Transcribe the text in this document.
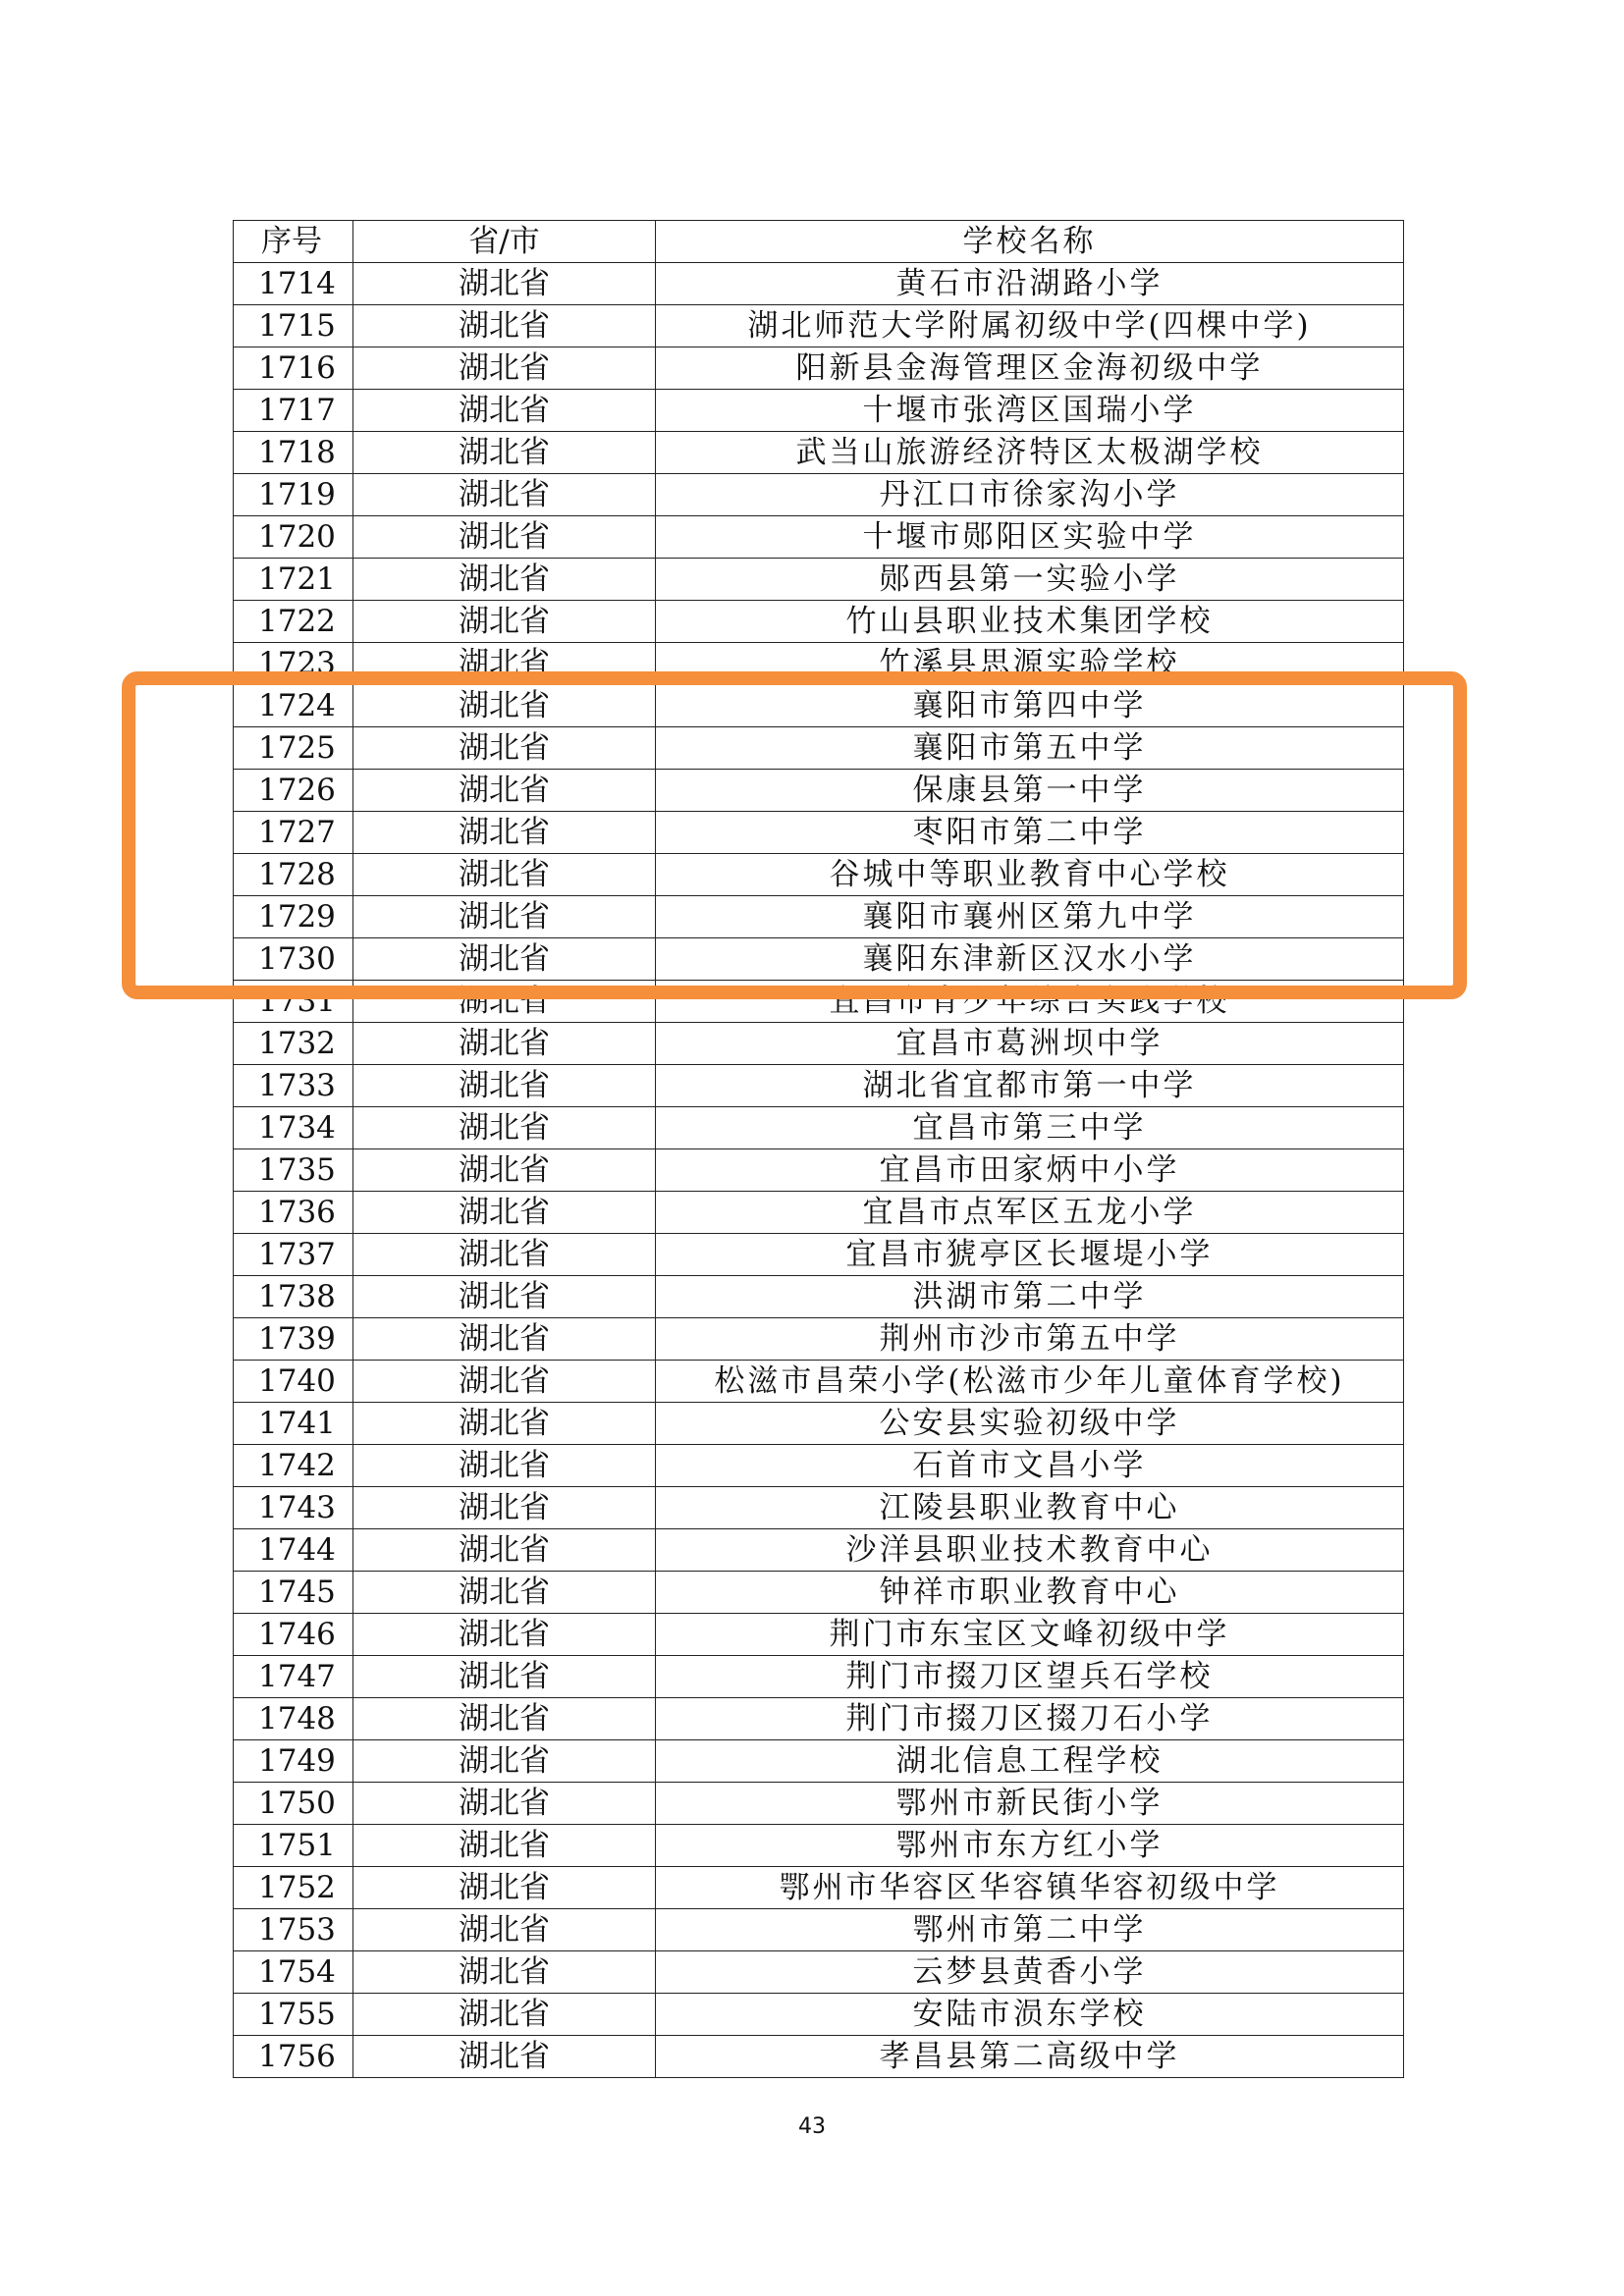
序号	省/市	学校名称
1714	湖北省	黄石市沿湖路小学
1715	湖北省	湖北师范大学附属初级中学(四棵中学)
1716	湖北省	阳新县金海管理区金海初级中学
1717	湖北省	十堰市张湾区国瑞小学
1718	湖北省	武当山旅游经济特区太极湖学校
1719	湖北省	丹江口市徐家沟小学
1720	湖北省	十堰市郧阳区实验中学
1721	湖北省	郧西县第一实验小学
1722	湖北省	竹山县职业技术集团学校
1723	湖北省	竹溪县思源实验学校
1724	湖北省	襄阳市第四中学
1725	湖北省	襄阳市第五中学
1726	湖北省	保康县第一中学
1727	湖北省	枣阳市第二中学
1728	湖北省	谷城中等职业教育中心学校
1729	湖北省	襄阳市襄州区第九中学
1730	湖北省	襄阳东津新区汉水小学
1731	湖北省	宜昌市青少年综合实践学校
1732	湖北省	宜昌市葛洲坝中学
1733	湖北省	湖北省宜都市第一中学
1734	湖北省	宜昌市第三中学
1735	湖北省	宜昌市田家炳中小学
1736	湖北省	宜昌市点军区五龙小学
1737	湖北省	宜昌市猇亭区长堰堤小学
1738	湖北省	洪湖市第二中学
1739	湖北省	荆州市沙市第五中学
1740	湖北省	松滋市昌荣小学(松滋市少年儿童体育学校)
1741	湖北省	公安县实验初级中学
1742	湖北省	石首市文昌小学
1743	湖北省	江陵县职业教育中心
1744	湖北省	沙洋县职业技术教育中心
1745	湖北省	钟祥市职业教育中心
1746	湖北省	荆门市东宝区文峰初级中学
1747	湖北省	荆门市掇刀区望兵石学校
1748	湖北省	荆门市掇刀区掇刀石小学
1749	湖北省	湖北信息工程学校
1750	湖北省	鄂州市新民街小学
1751	湖北省	鄂州市东方红小学
1752	湖北省	鄂州市华容区华容镇华容初级中学
1753	湖北省	鄂州市第二中学
1754	湖北省	云梦县黄香小学
1755	湖北省	安陆市涢东学校
1756	湖北省	孝昌县第二高级中学
43
